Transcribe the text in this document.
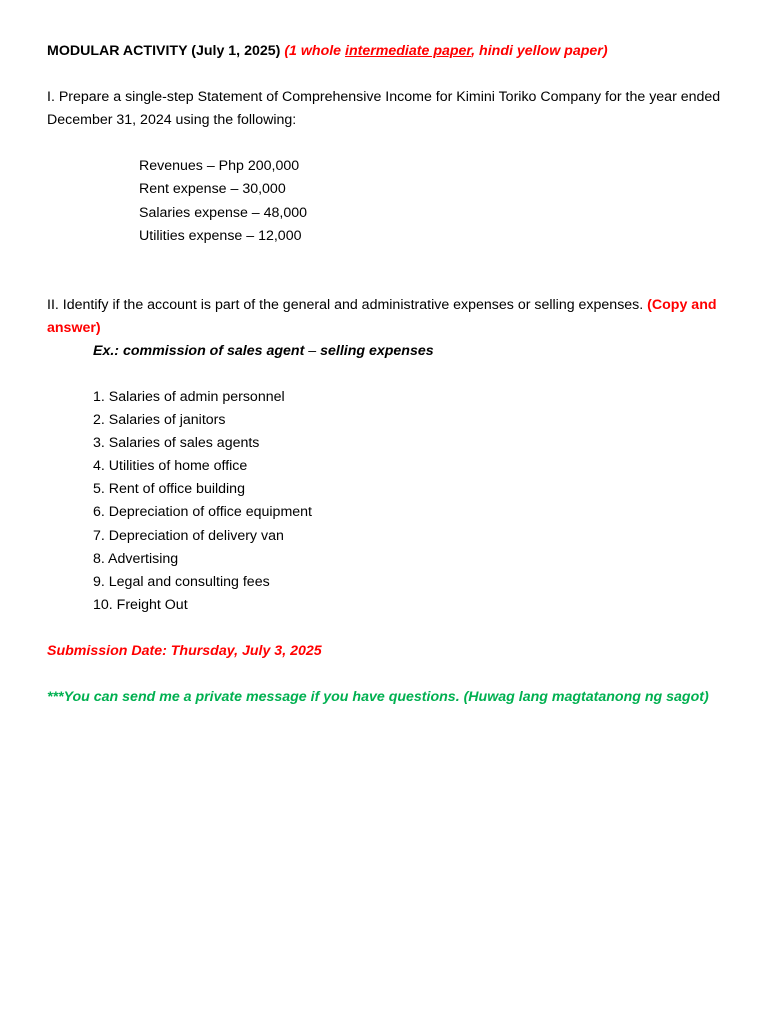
MODULAR ACTIVITY (July 1, 2025) (1 whole intermediate paper, hindi yellow paper)
I. Prepare a single-step Statement of Comprehensive Income for Kimini Toriko Company for the year ended December 31, 2024 using the following:
Revenues – Php 200,000
Rent expense – 30,000
Salaries expense – 48,000
Utilities expense – 12,000
II. Identify if the account is part of the general and administrative expenses or selling expenses. (Copy and answer)
Ex.: commission of sales agent – selling expenses
1. Salaries of admin personnel
2. Salaries of janitors
3. Salaries of sales agents
4. Utilities of home office
5. Rent of office building
6. Depreciation of office equipment
7. Depreciation of delivery van
8. Advertising
9. Legal and consulting fees
10. Freight Out
Submission Date: Thursday, July 3, 2025
***You can send me a private message if you have questions. (Huwag lang magtatanong ng sagot)
